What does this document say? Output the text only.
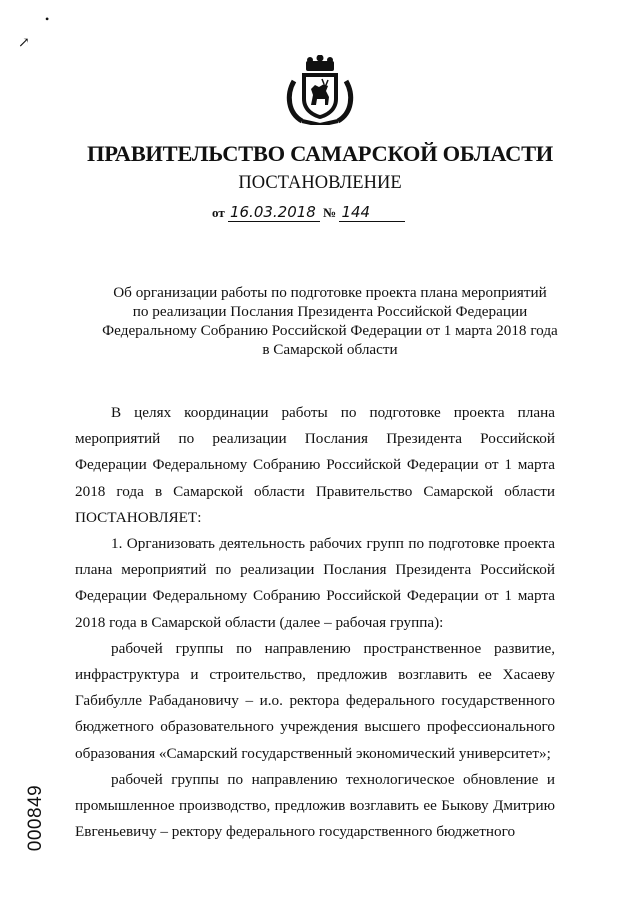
•
↗
ПРАВИТЕЛЬСТВО САМАРСКОЙ ОБЛАСТИ
ПОСТАНОВЛЕНИЕ
от 16.03.2018 № 144
Об организации работы по подготовке проекта плана мероприятий
по реализации Послания Президента Российской Федерации
Федеральному Собранию Российской Федерации от 1 марта 2018 года
в Самарской области

В целях координации работы по подготовке проекта плана мероприятий по реализации Послания Президента Российской Федерации Федеральному Собранию Российской Федерации от 1 марта 2018 года в Самарской области Правительство Самарской области ПОСТАНОВЛЯЕТ:

1. Организовать деятельность рабочих групп по подготовке проекта плана мероприятий по реализации Послания Президента Российской Федерации Федеральному Собранию Российской Федерации от 1 марта 2018 года в Самарской области (далее – рабочая группа):

рабочей группы по направлению пространственное развитие, инфраструктура и строительство, предложив возглавить ее Хасаеву Габибулле Рабадановичу – и.о. ректора федерального государственного бюджетного образовательного учреждения высшего профессионального образования «Самарский государственный экономический университет»;

рабочей группы по направлению технологическое обновление и промышленное производство, предложив возглавить ее Быкову Дмитрию Евгеньевичу – ректору федерального государственного бюджетного

000849
